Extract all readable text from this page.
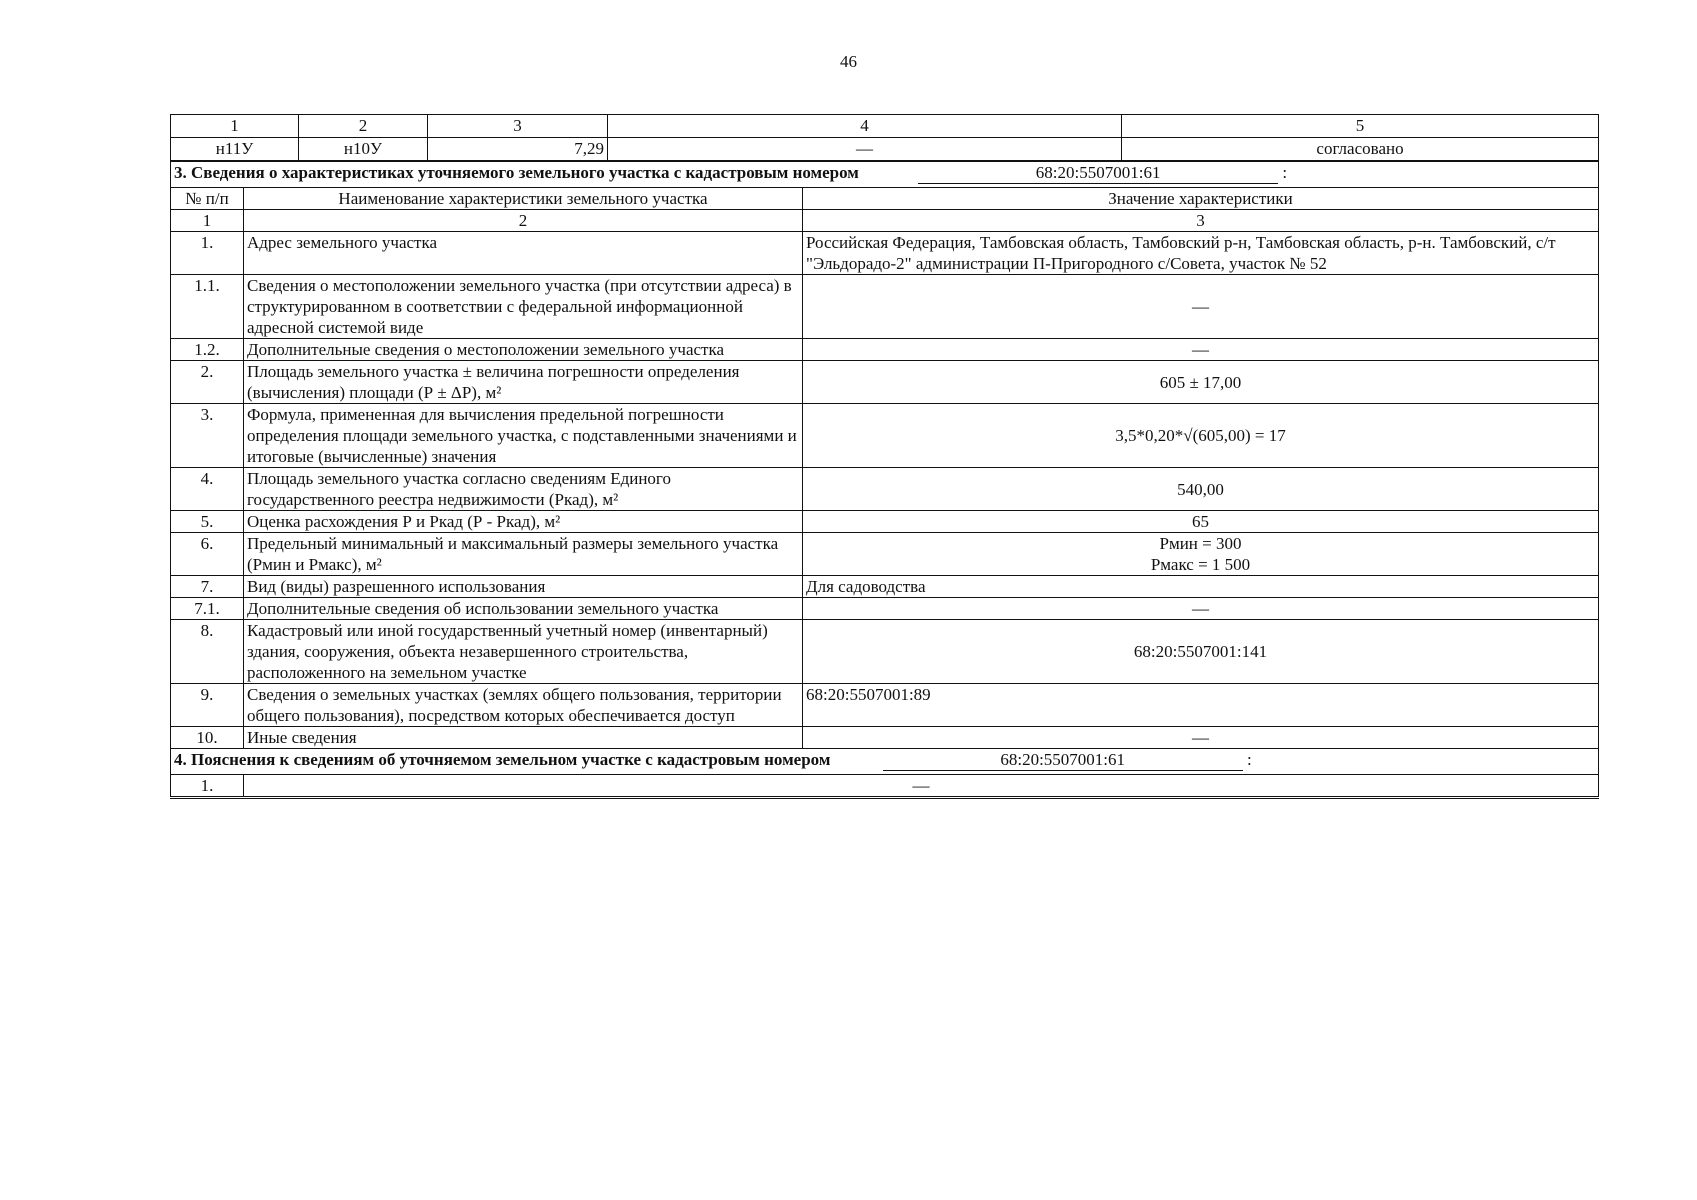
46
1	2	3	4	5
н11У	н10У	7,29	—	согласовано
3. Сведения о характеристиках уточняемого земельного участка с кадастровым номером 68:20:5507001:61 :		
№ п/п	Наименование характеристики земельного участка	Значение характеристики
1	2	3
1.	Адрес земельного участка	Российская Федерация, Тамбовская область, Тамбовский р-н, Тамбовская область, р-н. Тамбовский, с/т "Эльдорадо-2" администрации П-Пригородного с/Совета, участок № 52
1.1.	Сведения о местоположении земельного участка (при отсутствии адреса) в структурированном в соответствии с федеральной информационной адресной системой виде	—
1.2.	Дополнительные сведения о местоположении земельного участка	—
2.	Площадь земельного участка ± величина погрешности определения (вычисления) площади (Р ± ΔР), м²	605 ± 17,00
3.	Формула, примененная для вычисления предельной погрешности определения площади земельного участка, с подставленными значениями и итоговые (вычисленные) значения	3,5*0,20*√(605,00) = 17
4.	Площадь земельного участка согласно сведениям Единого государственного реестра недвижимости (Ркад), м²	540,00
5.	Оценка расхождения Р и Ркад (Р - Ркад), м²	65
6.	Предельный минимальный и максимальный размеры земельного участка (Рмин и Рмакс), м²	Рмин = 300
Рмакс = 1 500

7.	Вид (виды) разрешенного использования	Для садоводства
7.1.	Дополнительные сведения об использовании земельного участка	—
8.	Кадастровый или иной государственный учетный номер (инвентарный) здания, сооружения, объекта незавершенного строительства, расположенного на земельном участке	68:20:5507001:141
9.	Сведения о земельных участках (землях общего пользования, территории общего пользования), посредством которых обеспечивается доступ	68:20:5507001:89
10.	Иные сведения	—
4. Пояснения к сведениям об уточняемом земельном участке с кадастровым номером 68:20:5507001:61 :		
1.	—	
